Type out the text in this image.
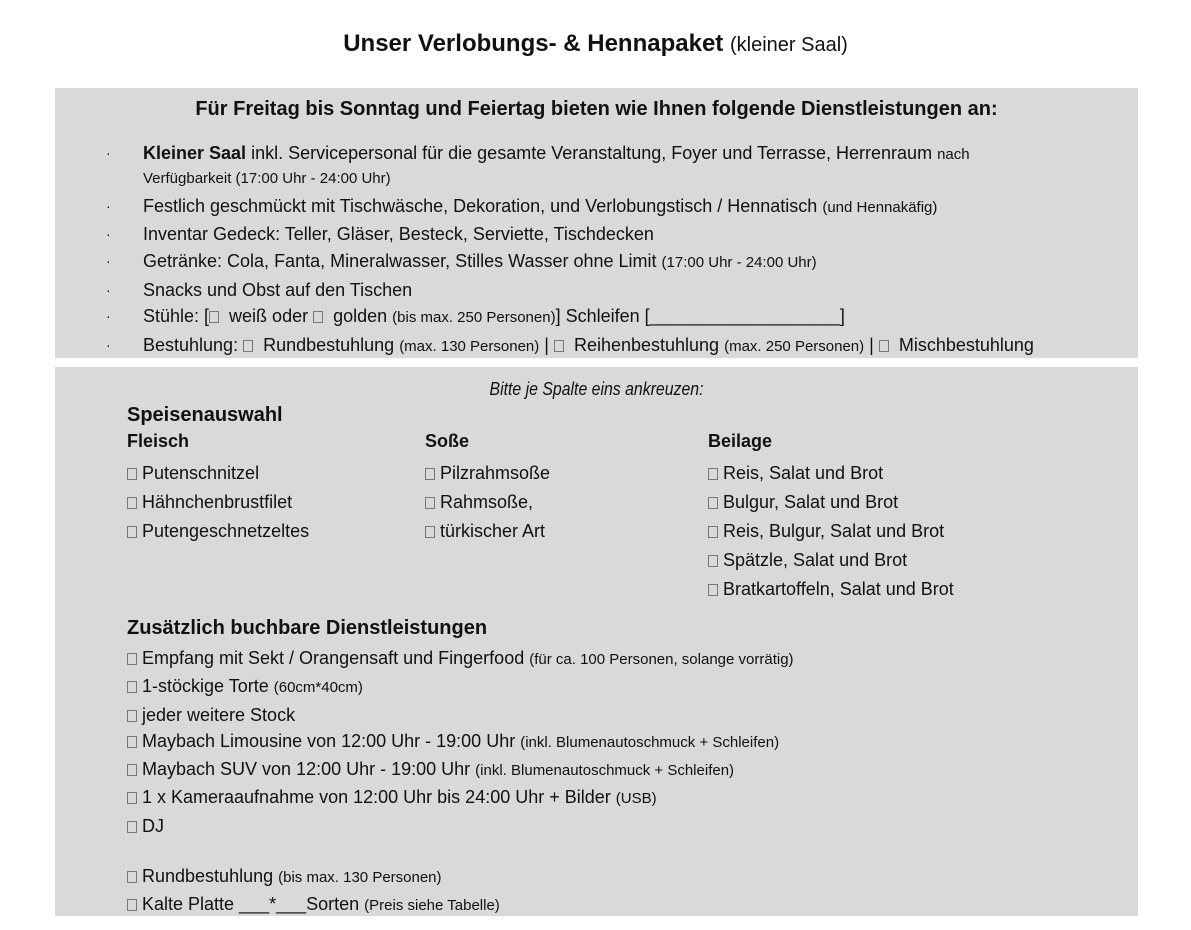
Unser Verlobungs- & Hennapaket (kleiner Saal)
Für Freitag bis Sonntag und Feiertag bieten wie Ihnen folgende Dienstleistungen an:
· Kleiner Saal inkl. Servicepersonal für die gesamte Veranstaltung, Foyer und Terrasse, Herrenraum nach
Verfügbarkeit (17:00 Uhr - 24:00 Uhr)
· Festlich geschmückt mit Tischwäsche, Dekoration, und Verlobungstisch / Hennatisch (und Hennakäfig)
· Inventar Gedeck: Teller, Gläser, Besteck, Serviette, Tischdecken
· Getränke: Cola, Fanta, Mineralwasser, Stilles Wasser ohne Limit (17:00 Uhr - 24:00 Uhr)
· Snacks und Obst auf den Tischen
· Stühle: [ weiß oder  golden (bis max. 250 Personen)] Schleifen [___________________]
· Bestuhlung:  Rundbestuhlung (max. 130 Personen) |  Reihenbestuhlung (max. 250 Personen) |  Mischbestuhlung
Bitte je Spalte eins ankreuzen:
Speisenauswahl
Fleisch	Soße	Beilage
Putenschnitzel
Hähnchenbrustfilet
Putengeschnetzeltes
Pilzrahmsoße
Rahmsoße,
türkischer Art
Reis, Salat und Brot
Bulgur, Salat und Brot
Reis, Bulgur, Salat und Brot
Spätzle, Salat und Brot
Bratkartoffeln, Salat und Brot
Zusätzlich buchbare Dienstleistungen
Empfang mit Sekt / Orangensaft und Fingerfood (für ca. 100 Personen, solange vorrätig)
1-stöckige Torte (60cm*40cm)
jeder weitere Stock
Maybach Limousine von 12:00 Uhr - 19:00 Uhr (inkl. Blumenautoschmuck + Schleifen)
Maybach SUV von 12:00 Uhr - 19:00 Uhr (inkl. Blumenautoschmuck + Schleifen)
1 x Kameraaufnahme von 12:00 Uhr bis 24:00 Uhr + Bilder (USB)
DJ
Rundbestuhlung (bis max. 130 Personen)
Kalte Platte ___*___Sorten (Preis siehe Tabelle)
